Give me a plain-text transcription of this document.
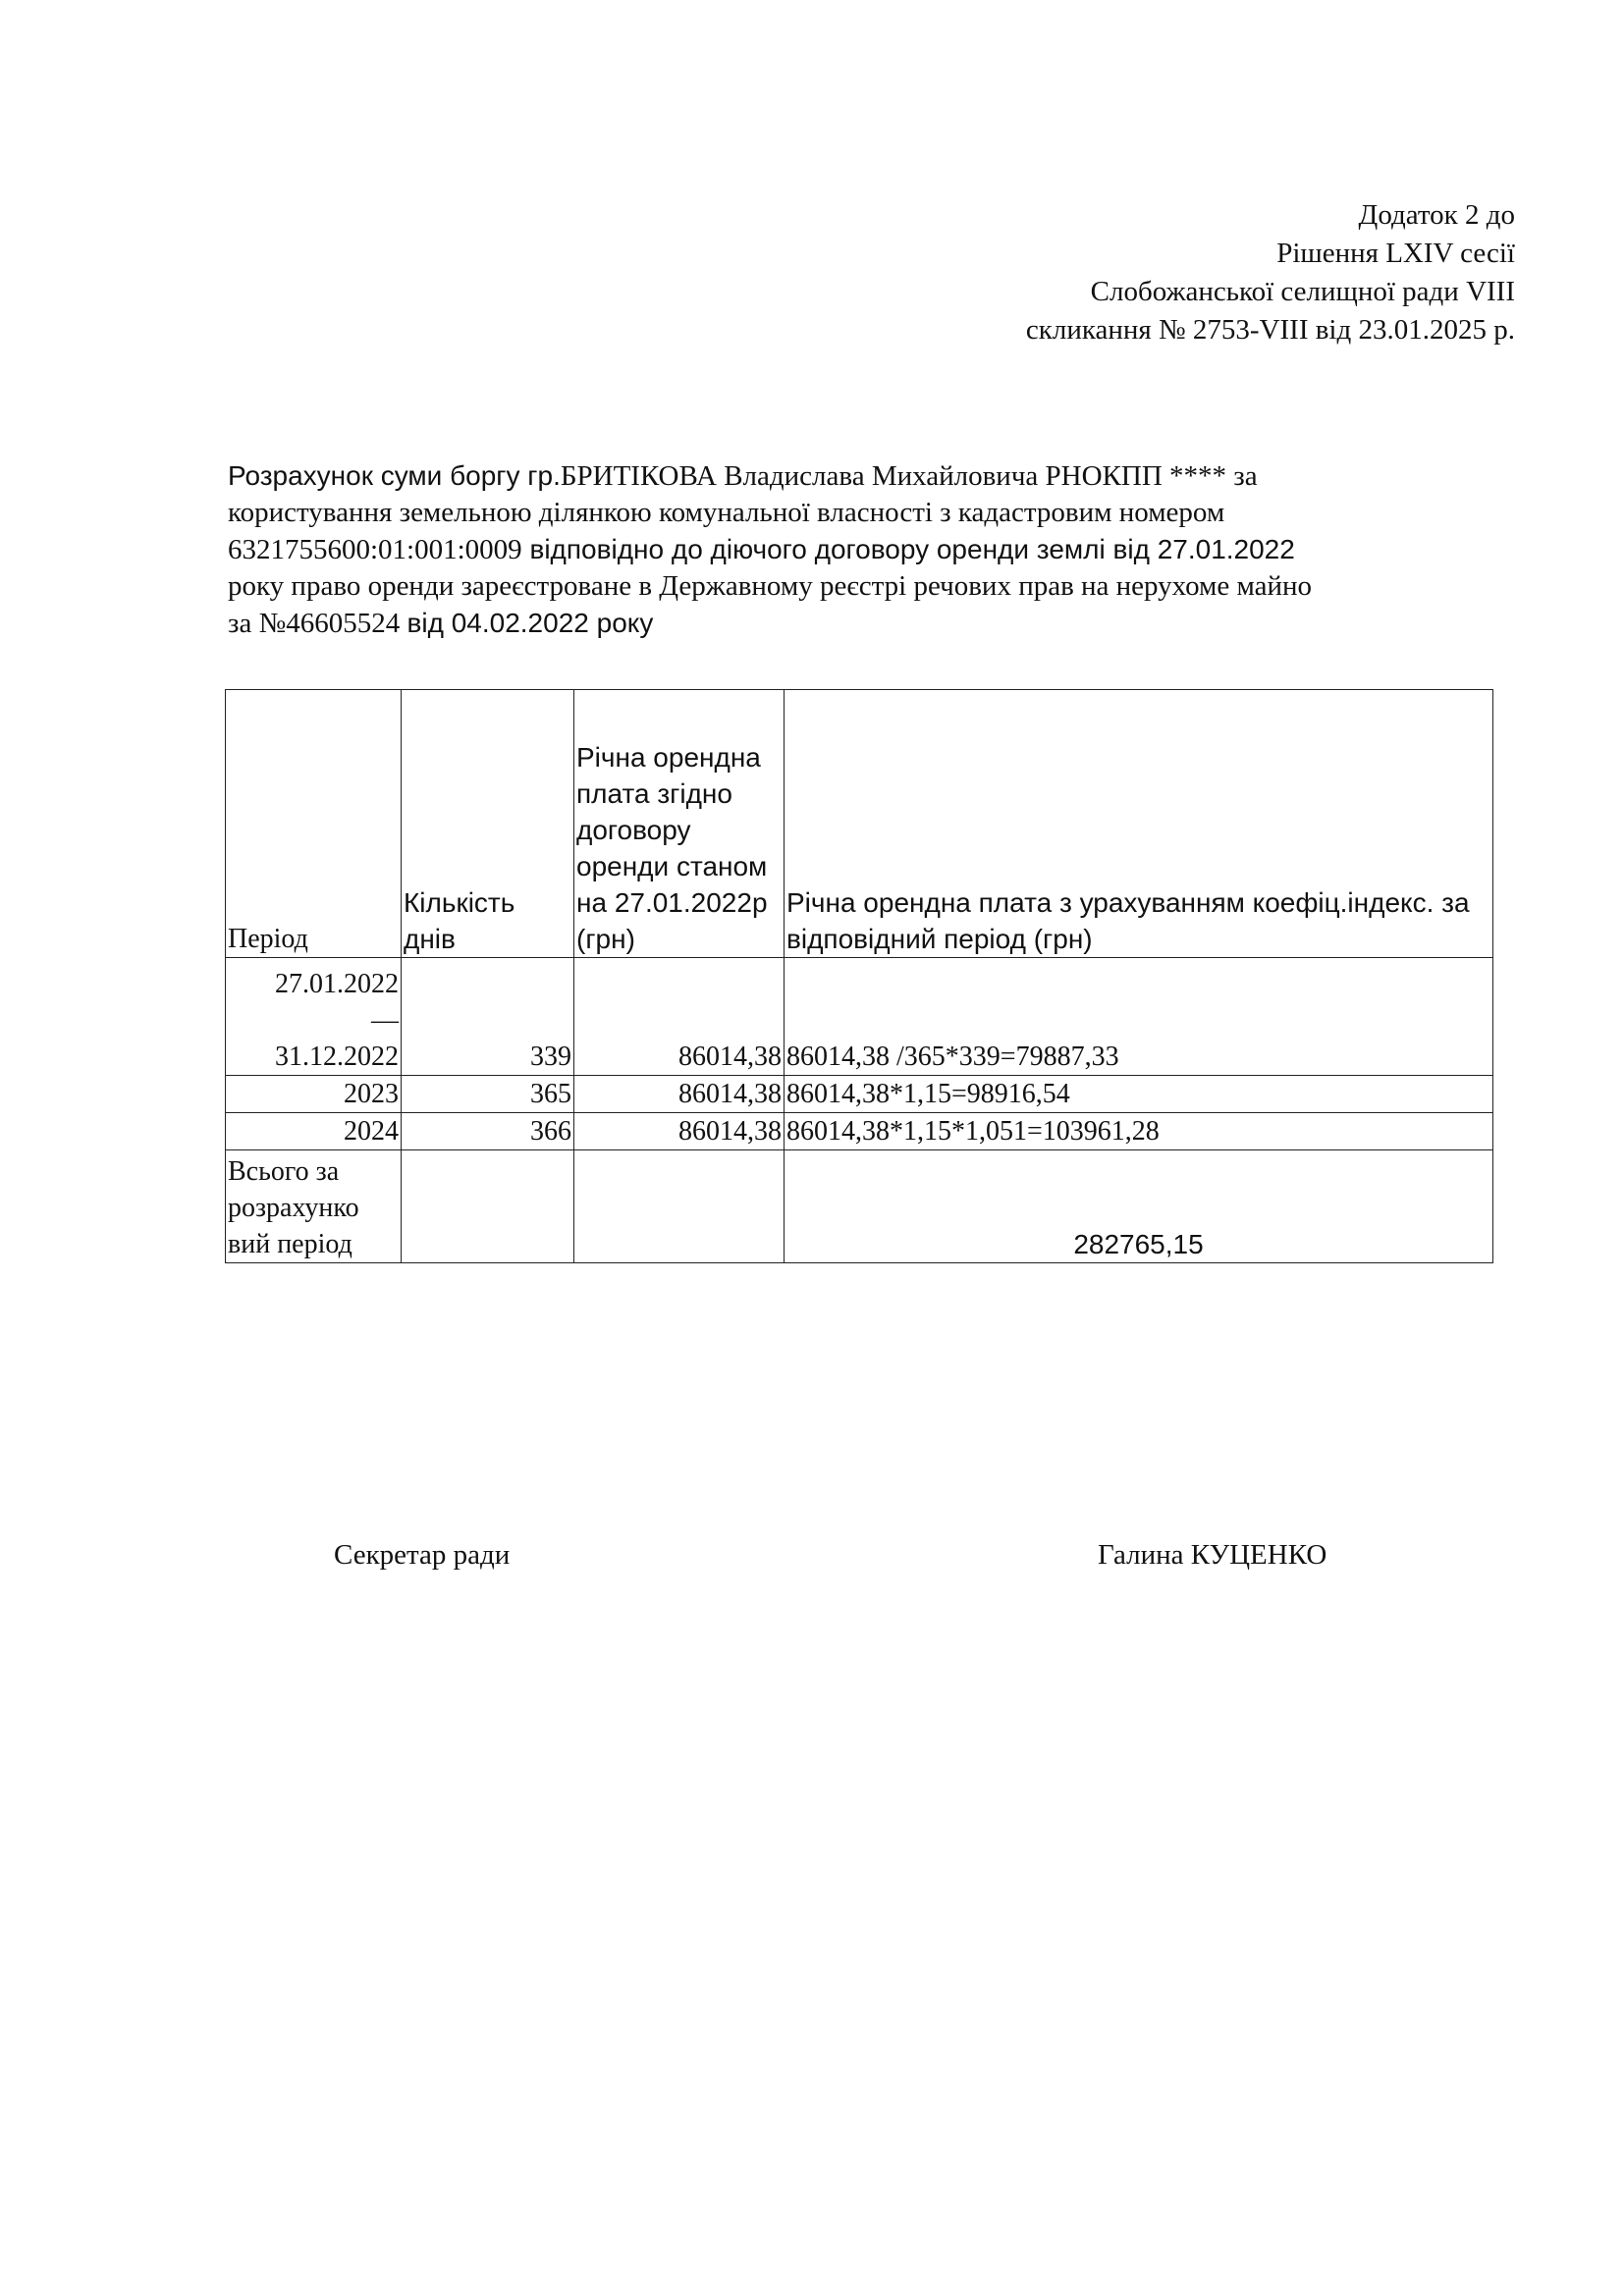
Додаток 2 до
Рішення LXIV сесії
Слобожанської селищної ради VIII
скликання № 2753-VIII від 23.01.2025 р.
Розрахунок суми боргу гр.БРИТІКОВА Владислава Михайловича РНОКПП **** за
користування земельною ділянкою комунальної власності з кадастровим номером
6321755600:01:001:0009 відповідно до діючого договору оренди землі від 27.01.2022
року право оренди зареєстроване в Державному реєстрі речових прав на нерухоме майно
за №46605524 від 04.02.2022 року
Період	Кількість днів	Річна орендна плата згідно договору оренди станом на 27.01.2022р (грн)	Річна орендна плата з урахуванням коефіц.індекс. за відповідний період (грн)

27.01.2022
—
31.12.2022	339	86014,38	86014,38 /365*339=79887,33
2023	365	86014,38	86014,38*1,15=98916,54
2024	366	86014,38	86014,38*1,15*1,051=103961,28

Всього за
розрахунко
вий період			282765,15
Секретар ради	Галина КУЦЕНКО
